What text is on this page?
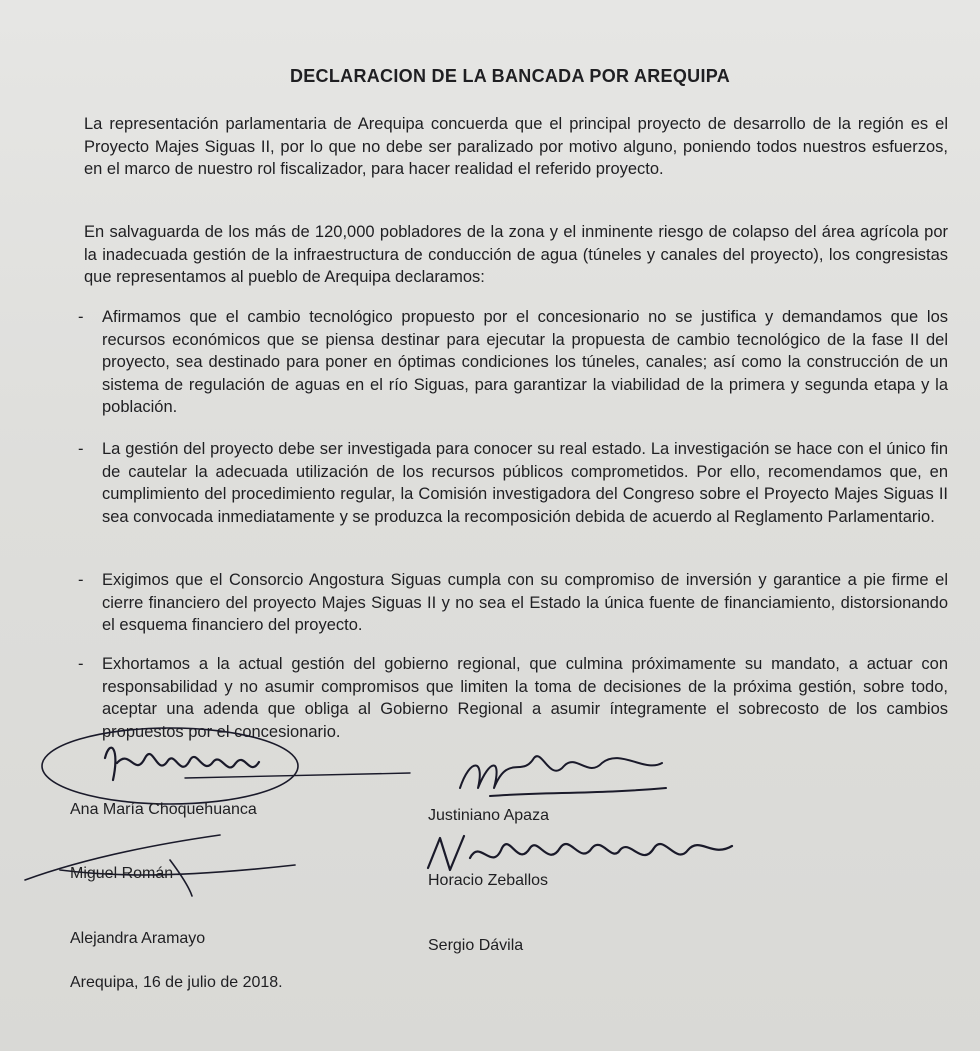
DECLARACION DE LA BANCADA POR AREQUIPA

La representación parlamentaria de Arequipa concuerda que el principal proyecto de desarrollo de la región es el Proyecto Majes Siguas II, por lo que no debe ser paralizado por motivo alguno, poniendo todos nuestros esfuerzos, en el marco de nuestro rol fiscalizador, para hacer realidad el referido proyecto.

En salvaguarda de los más de 120,000 pobladores de la zona y el inminente riesgo de colapso del área agrícola por la inadecuada gestión de la infraestructura de conducción de agua (túneles y canales del proyecto), los congresistas que representamos al pueblo de Arequipa declaramos:

- Afirmamos que el cambio tecnológico propuesto por el concesionario no se justifica y demandamos que los recursos económicos que se piensa destinar para ejecutar la propuesta de cambio tecnológico de la fase II del proyecto, sea destinado para poner en óptimas condiciones los túneles, canales; así como la construcción de un sistema de regulación de aguas en el río Siguas, para garantizar la viabilidad de la primera y segunda etapa y la población.
- La gestión del proyecto debe ser investigada para conocer su real estado. La investigación se hace con el único fin de cautelar la adecuada utilización de los recursos públicos comprometidos. Por ello, recomendamos que, en cumplimiento del procedimiento regular, la Comisión investigadora del Congreso sobre el Proyecto Majes Siguas II sea convocada inmediatamente y se produzca la recomposición debida de acuerdo al Reglamento Parlamentario.
- Exigimos que el Consorcio Angostura Siguas cumpla con su compromiso de inversión y garantice a pie firme el cierre financiero del proyecto Majes Siguas II y no sea el Estado la única fuente de financiamiento, distorsionando el esquema financiero del proyecto.
- Exhortamos a la actual gestión del gobierno regional, que culmina próximamente su mandato, a actuar con responsabilidad y no asumir compromisos que limiten la toma de decisiones de la próxima gestión, sobre todo, aceptar una adenda que obliga al Gobierno Regional a asumir íntegramente el sobrecosto de los cambios propuestos por el concesionario.
Ana María Choquehuanca	Justiniano Apaza
Miguel Román	Horacio Zeballos
Alejandra Aramayo	Sergio Dávila
Arequipa, 16 de julio de 2018.
